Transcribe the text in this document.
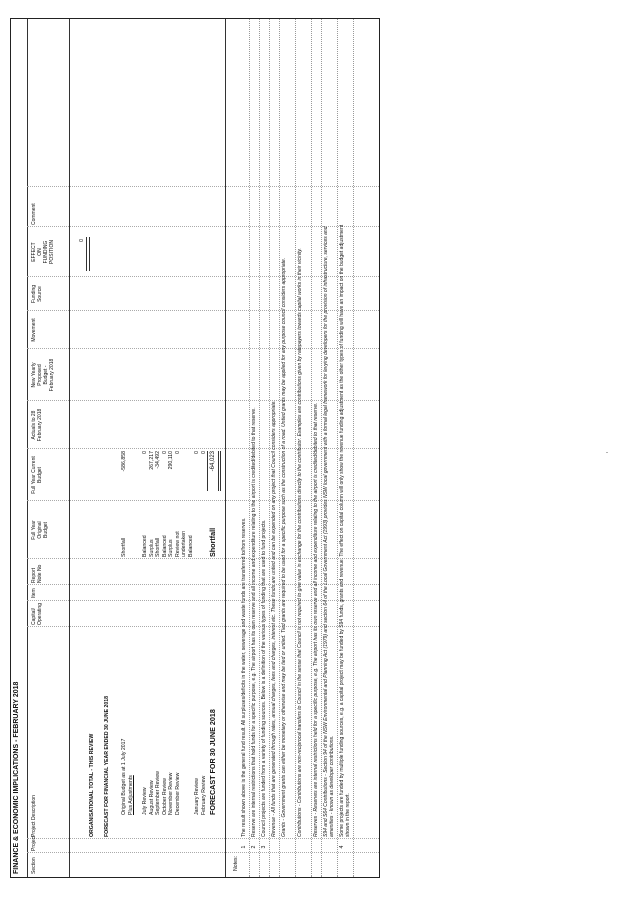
FINANCE & ECONOMIC IMPLICATIONS - FEBRUARY 2018 Section
Project
Project Description
Capital/ Operating
Item
Report Note No
Full Year Original Budget
Full Year Current Budget
Actuals to 28 February 2018
New Yearly Proposed Budget - February 2018
Movement
Funding Source
EFFECT ON FUNDING POSITION
Comment
ORGANISATIONAL TOTAL - THIS REVIEW FORECAST FOR FINANCIAL YEAR ENDED 30 JUNE 2018 Original Budget as at 1 July 2017
Shortfall
-586,858
Plus Adjustments July Review
Balanced
0
August Review
Surplus
267,217
September Review
Shortfall
-34,492
October Review
Balanced
0
November Review
Surplus
290,110
December Review
Review not
0
undertaken
January Review
Balanced
0
February Review
0
FORECAST FOR 30 JUNE 2018
Shortfall
-64,023
0
Notes:
1
The result shown above is the general fund result. All surpluses/deficits in the water, sewerage and waste funds are transferred to/from reserves.
2
Reserve are internal restrictions that hold funds for a specific purpose, e.g. The airport has its own reserve and all income and expenditure relating to the airport is credited/debited to that reserve.
3
Council projects are funded from a variety of funding sources. Below is a definition of the various types of funding that are used to fund projects. Revenue - All funds that are generated through rates, annual charges, fees and charges, interest etc. These funds are untied and can be expended on any project that Council considers appropriate. Grants - Government grants can either be monetary or otherwise and may be tied or untied. Tied grants are required to be used for a specific purpose such as the construction of a road. Untied grants may be applied for any purpose council considers appropriate. Contributions - Contributions are non-reciprocal transfers to Council in the sense that Council is not required to give value in exchange for the contributions directly to the contributor. Examples are contributions given by ratepayers towards capital works in their vicinity. Reserves - Reserves are internal restrictions held for a specific purpose, e.g. The airport has its own reserve and all income and expenditure relating to the airport is credited/debited to that reserve. S94 and S64 Contributions - Section 94 of the NSW Environmental and Planning Act (1979) and section 64 of the Local Government Act (1993) provides NSW local government with a formal legal framework for levying developers for the provision of infrastructure, services and amenities - known as developer contributions.
4
Some projects are funded by multiple funding sources, e.g. a capital project may be funded by S94 funds, grants and revenue. The effect on capital column will only show the revenue funding adjustment as the other types of funding will have an impact on the budget adjustment shown in the report.
-
